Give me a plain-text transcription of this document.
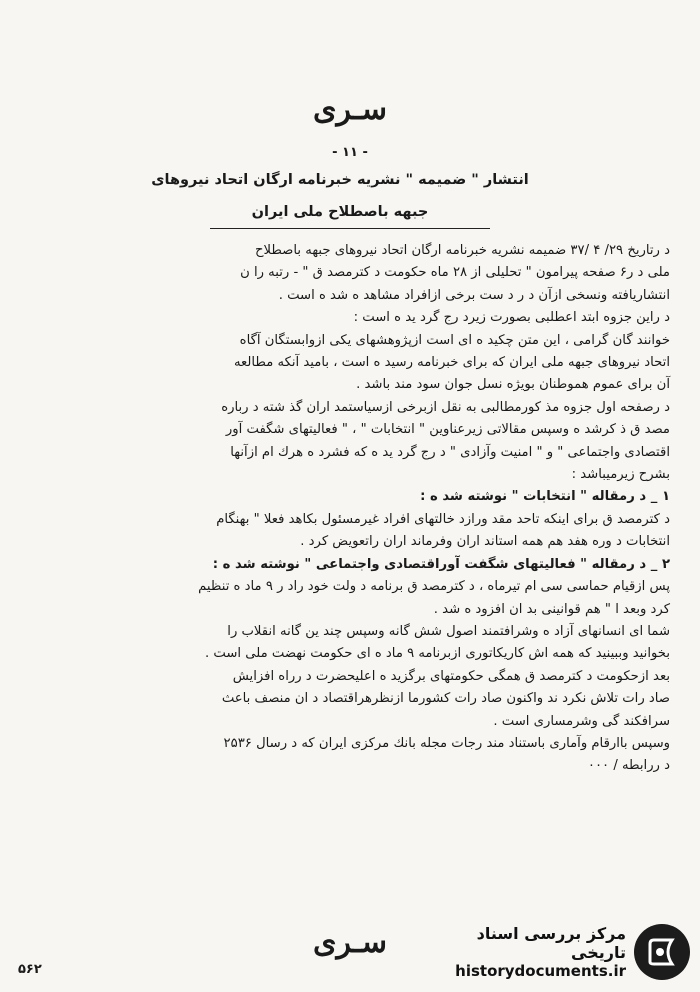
سـرى
- ۱۱ -
انتشار " ضميمه " نشريه خبرنامه ارگان اتحاد نيروهاى
جبهه باصطلاح ملی ایران

د رتاريخ ۲۹/ ۴ /۳۷ ضميمه نشريه خبرنامه ارگان اتحاد نيروهاى جبهه باصطلاح

ملى د ر۶ صفحه پيرامون " تحليلى از ۲۸ ماه حكومت د كترمصد ق " - رتبه را ن

انتشاريافته ونسخى ازآن د ر د ست برخى ازافراد مشاهد ه شد ه است .

د راين جزوه ابتد اعطلبى بصورت زيرد رج گرد يد ه است :

خوانند گان گرامى ، اين متن چكيد ه اى است ازپژوهشهاى يكى ازوابستگان آگاه

اتحاد نيروهاى جبهه ملى ايران كه براى خبرنامه رسيد ه است ، باميد آنكه مطالعه

آن براى عموم هموطنان بويژه نسل جوان سود مند باشد .

د رصفحه اول جزوه مذ كورمطالبى به نقل ازبرخى ازسياستمد اران گذ شته د رباره

مصد ق ذ كرشد ه وسپس مقالاتى زيرعناوين " انتخابات " ، " فعاليتهاى شگفت آور

اقتصادى واجتماعى " و " امنيت وآزادى " د رج گرد يد ه كه فشرد ه هرك ام ازآنها

بشرح زيرميباشد :

۱ _ د رمقاله " انتخابات " نوشته شد ه :

د كترمصد ق براى اينكه تاحد مقد ورازد خالتهاى افراد غيرمسئول بكاهد فعلا " بهنگام

انتخابات د وره هفد هم همه استاند اران وفرماند اران راتعويض كرد .

۲ _ د رمقاله " فعاليتهاى شگفت آوراقتصادى واجتماعى " نوشته شد ه :

پس ازقيام حماسى سى ام تيرماه ، د كترمصد ق برنامه د ولت خود راد ر ۹ ماد ه تنظيم

كرد وبعد ا " هم قوانينى بد ان افزود ه شد .

شما اى انسانهاى آزاد ه وشرافتمند اصول شش گانه وسپس چند ين گانه انقلاب را

بخوانيد وببينيد كه همه اش كاريكاتورى ازبرنامه ۹ ماد ه اى حكومت نهضت ملى است .

بعد ازحكومت د كترمصد ق همگى حكومتهاى برگزيد ه اعليحضرت د رراه افزايش

صاد رات تلاش نكرد ند واكنون صاد رات كشورما ازنظرهراقتصاد د ان منصف باعث

سرافكند گى وشرمسارى است .

وسپس باارقام وآمارى باستناد مند رجات مجله بانك مركزى ايران كه د رسال ۲۵۳۶

د ررابطه / ۰۰۰

سـرى
۵۶۲
مرکز بررسی اسناد تاریخی
historydocuments.ir
